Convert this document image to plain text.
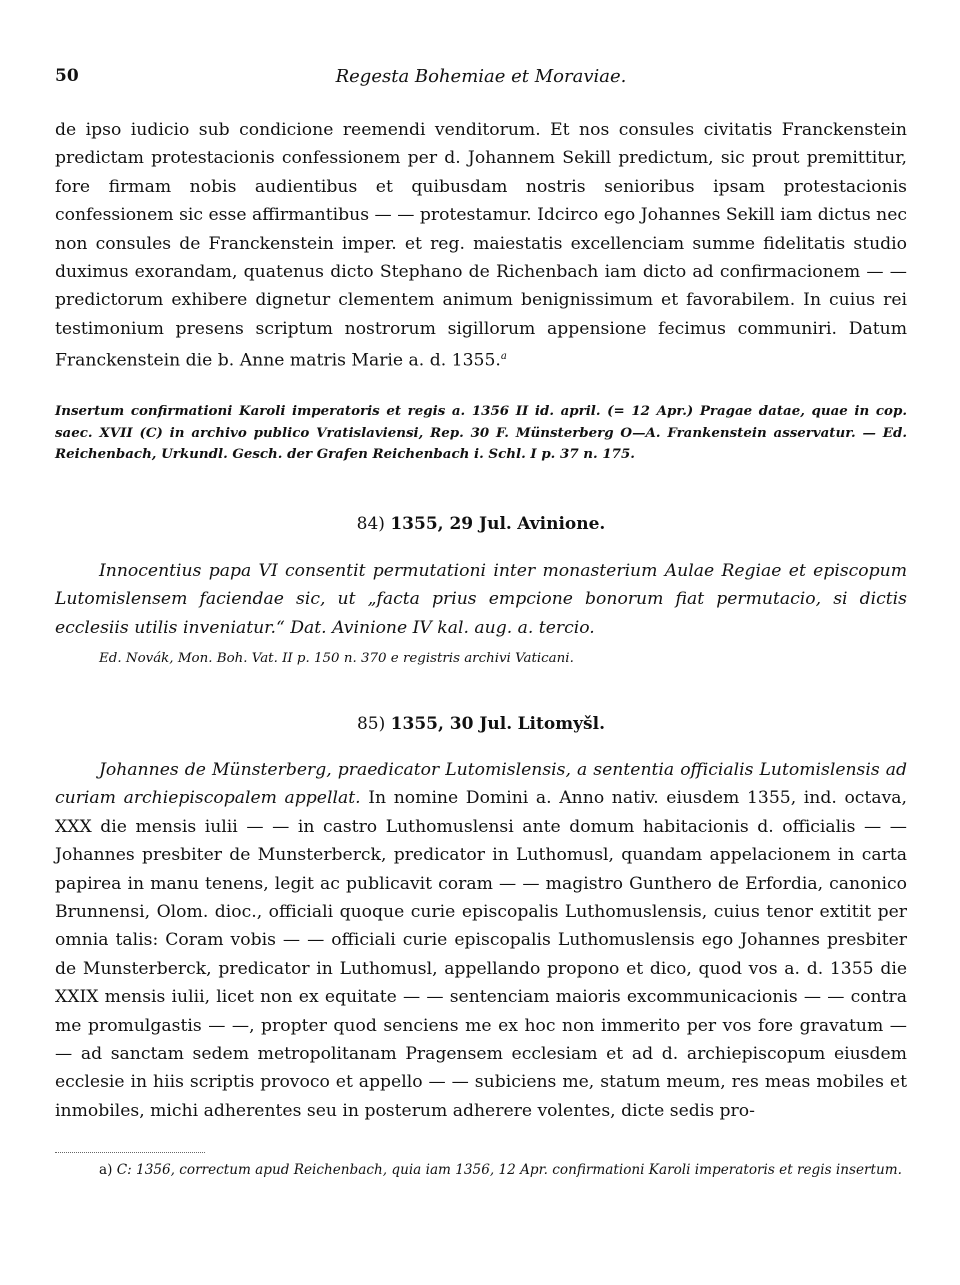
50	Regesta Bohemiae et Moraviae.

de ipso iudicio sub condicione reemendi venditorum. Et nos consules civitatis Franckenstein predictam protestacionis confessionem per d. Johannem Sekill predictum, sic prout premittitur, fore firmam nobis audientibus et quibusdam nostris senioribus ipsam protestacionis confessionem sic esse affirmantibus — — protestamur. Idcirco ego Johannes Sekill iam dictus nec non consules de Franckenstein imper. et reg. maiestatis excellenciam summe fidelitatis studio duximus exorandam, quatenus dicto Stephano de Richenbach iam dicto ad confirmacionem — — predictorum exhibere dignetur clementem animum benignissimum et favorabilem. In cuius rei testimonium presens scriptum nostrorum sigillorum appensione fecimus communiri. Datum Franckenstein die b. Anne matris Marie a. d. 1355.$^a$

Insertum confirmationi Karoli imperatoris et regis a. 1356 II id. april. (= 12 Apr.) Pragae datae, quae in cop. saec. XVII (C) in archivo publico Vratislaviensi, Rep. 30 F. Münsterberg O—A. Frankenstein asservatur. — Ed. Reichenbach, Urkundl. Gesch. der Grafen Reichenbach i. Schl. I p. 37 n. 175.

84) 1355, 29 Jul. Avinione.

Innocentius papa VI consentit permutationi inter monasterium Aulae Regiae et episcopum Lutomislensem faciendae sic, ut „facta prius empcione bonorum fiat permutacio, si dictis ecclesiis utilis inveniatur.“ Dat. Avinione IV kal. aug. a. tercio.

Ed. Novák, Mon. Boh. Vat. II p. 150 n. 370 e registris archivi Vaticani.

85) 1355, 30 Jul. Litomyšl.

Johannes de Münsterberg, praedicator Lutomislensis, a sententia officialis Lutomislensis ad curiam archiepiscopalem appellat. In nomine Domini a. Anno nativ. eiusdem 1355, ind. octava, XXX die mensis iulii — — in castro Luthomuslensi ante domum habitacionis d. officialis — — Johannes presbiter de Munsterberck, predicator in Luthomusl, quandam appelacionem in carta papirea in manu tenens, legit ac publicavit coram — — magistro Gunthero de Erfordia, canonico Brunnensi, Olom. dioc., officiali quoque curie episcopalis Luthomuslensis, cuius tenor extitit per omnia talis: Coram vobis — — officiali curie episcopalis Luthomuslensis ego Johannes presbiter de Munsterberck, predicator in Luthomusl, appellando propono et dico, quod vos a. d. 1355 die XXIX mensis iulii, licet non ex equitate — — sentenciam maioris excommunicacionis — — contra me promulgastis — —, propter quod senciens me ex hoc non immerito per vos fore gravatum — — ad sanctam sedem metropolitanam Pragensem ecclesiam et ad d. archiepiscopum eiusdem ecclesie in hiis scriptis provoco et appello — — subiciens me, statum meum, res meas mobiles et inmobiles, michi adherentes seu in posterum adherere volentes, dicte sedis pro-

a) C: 1356, correctum apud Reichenbach, quia iam 1356, 12 Apr. confirmationi Karoli imperatoris et regis insertum.
